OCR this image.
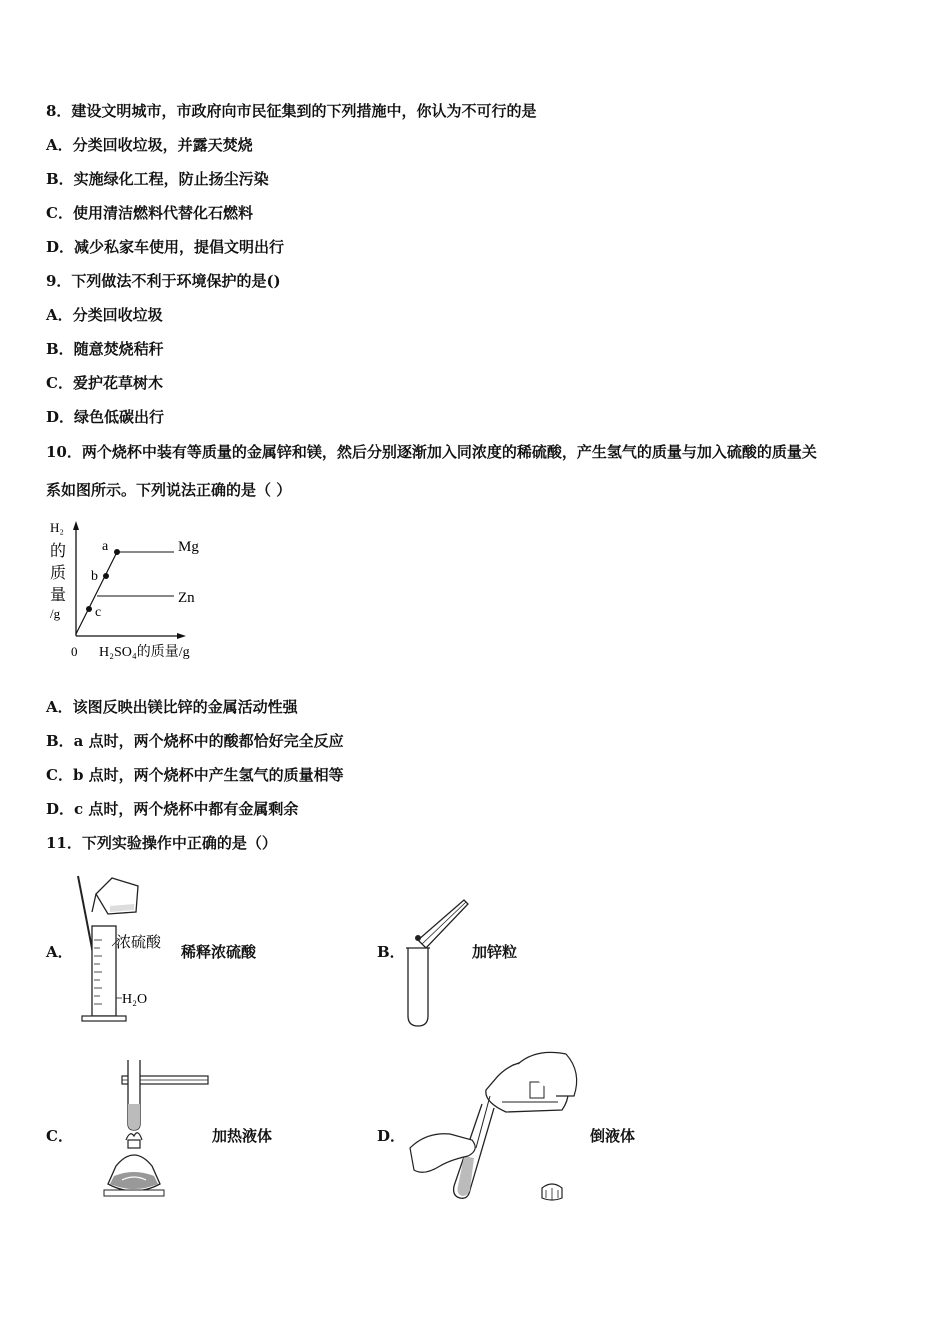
8．建设文明城市，市政府向市民征集到的下列措施中，你认为不可行的是
A．分类回收垃圾，并露天焚烧
B．实施绿化工程，防止扬尘污染
C．使用清洁燃料代替化石燃料
D．减少私家车使用，提倡文明出行
9．下列做法不利于环境保护的是()
A．分类回收垃圾
B．随意焚烧秸秆
C．爱护花草树木
D．绿色低碳出行
10．两个烧杯中装有等质量的金属锌和镁，然后分别逐渐加入同浓度的稀硫酸，产生氢气的质量与加入硫酸的质量关
系如图所示。下列说法正确的是（ ）
H₂
的
质
量
/g
a
b
c
Mg
Zn
0 H₂SO₄的质量/g
A．该图反映出镁比锌的金属活动性强
B．a 点时，两个烧杯中的酸都恰好完全反应
C．b 点时，两个烧杯中产生氢气的质量相等
D．c 点时，两个烧杯中都有金属剩余
11．下列实验操作中正确的是（）
A．	浓硫酸
H₂O
稀释浓硫酸	B．	加锌粒
C．	加热液体	D．	倒液体
